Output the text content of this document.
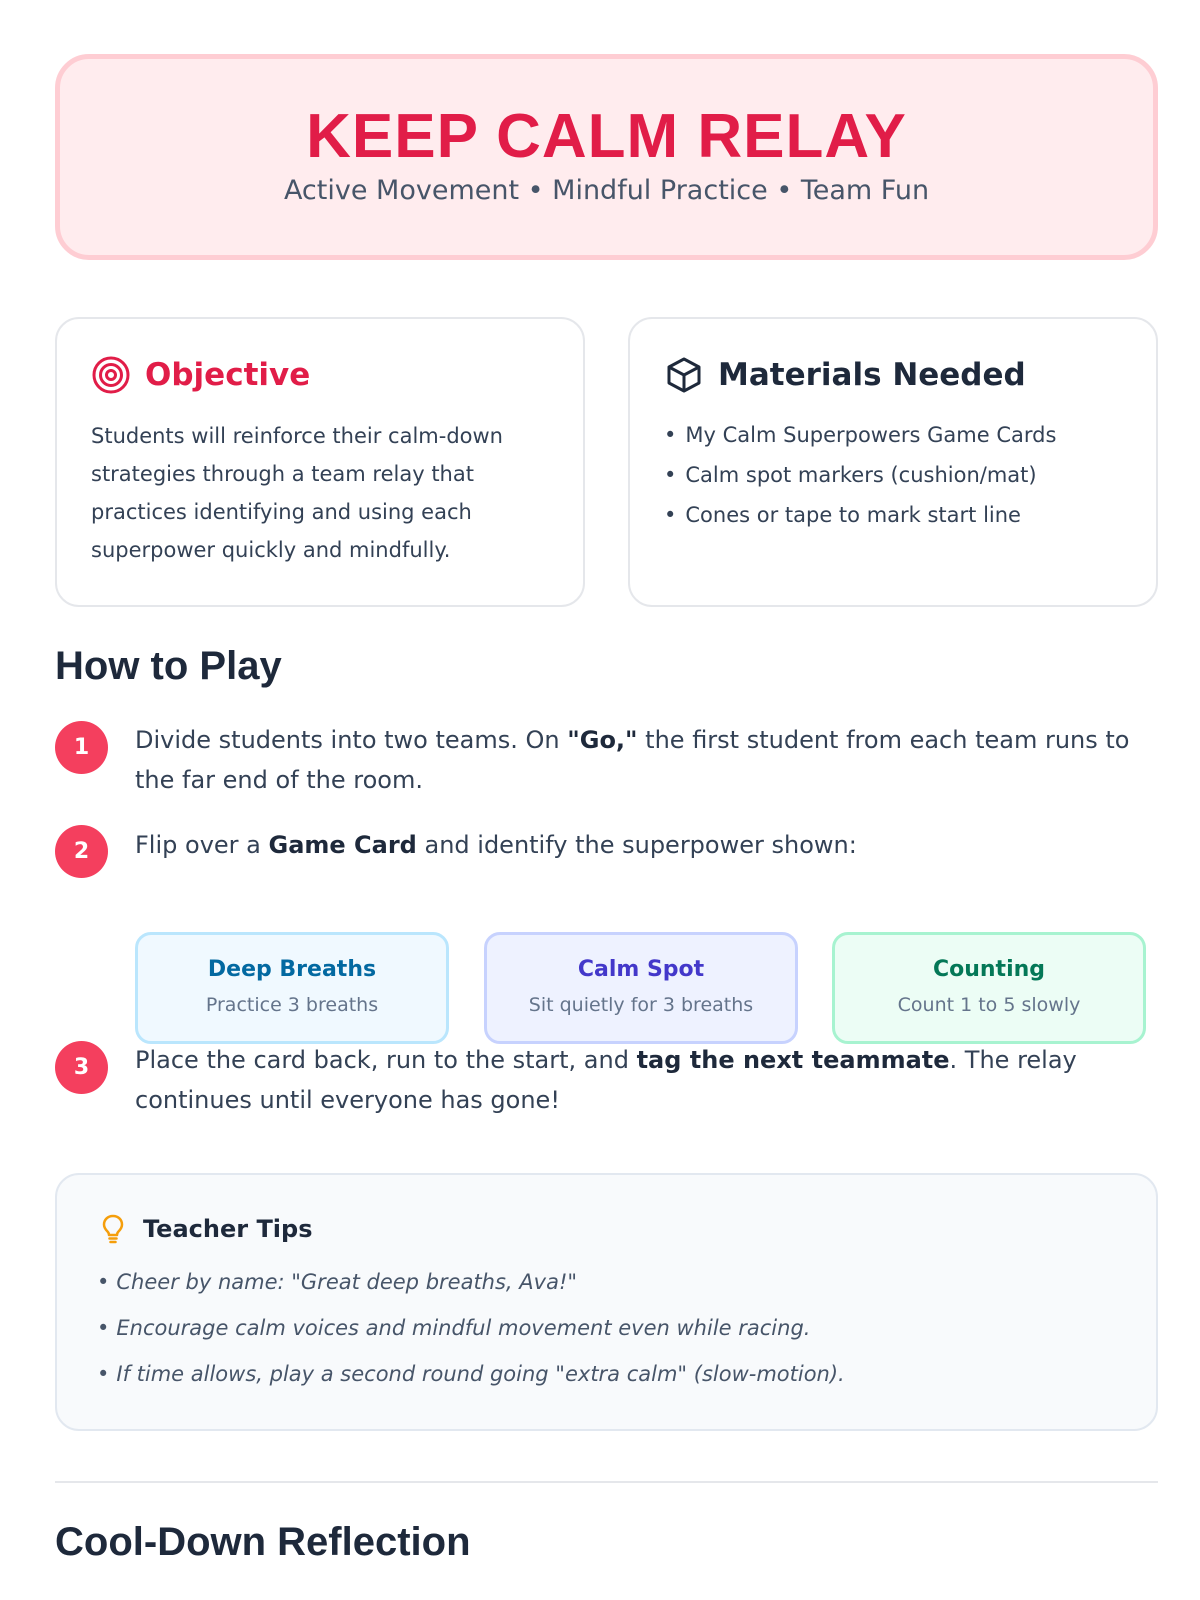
KEEP CALM RELAY
Active Movement • Mindful Practice • Team Fun
Objective

Students will reinforce their calm-down strategies through a team relay that practices identifying and using each superpower quickly and mindfully.

Materials Needed
• My Calm Superpowers Game Cards
• Calm spot markers (cushion/mat)
• Cones or tape to mark start line
How to Play
1	Divide students into two teams. On "Go," the first student from each team runs to the far end of the room.

2	Flip over a Game Card and identify the superpower shown:

Deep Breaths
Practice 3 breaths
Calm Spot
Sit quietly for 3 breaths
Counting
Count 1 to 5 slowly
3	Place the card back, run to the start, and tag the next teammate. The relay continues until everyone has gone!

Teacher Tips
• Cheer by name: "Great deep breaths, Ava!"
• Encourage calm voices and mindful movement even while racing.
• If time allows, play a second round going "extra calm" (slow-motion).
Cool-Down Reflection
